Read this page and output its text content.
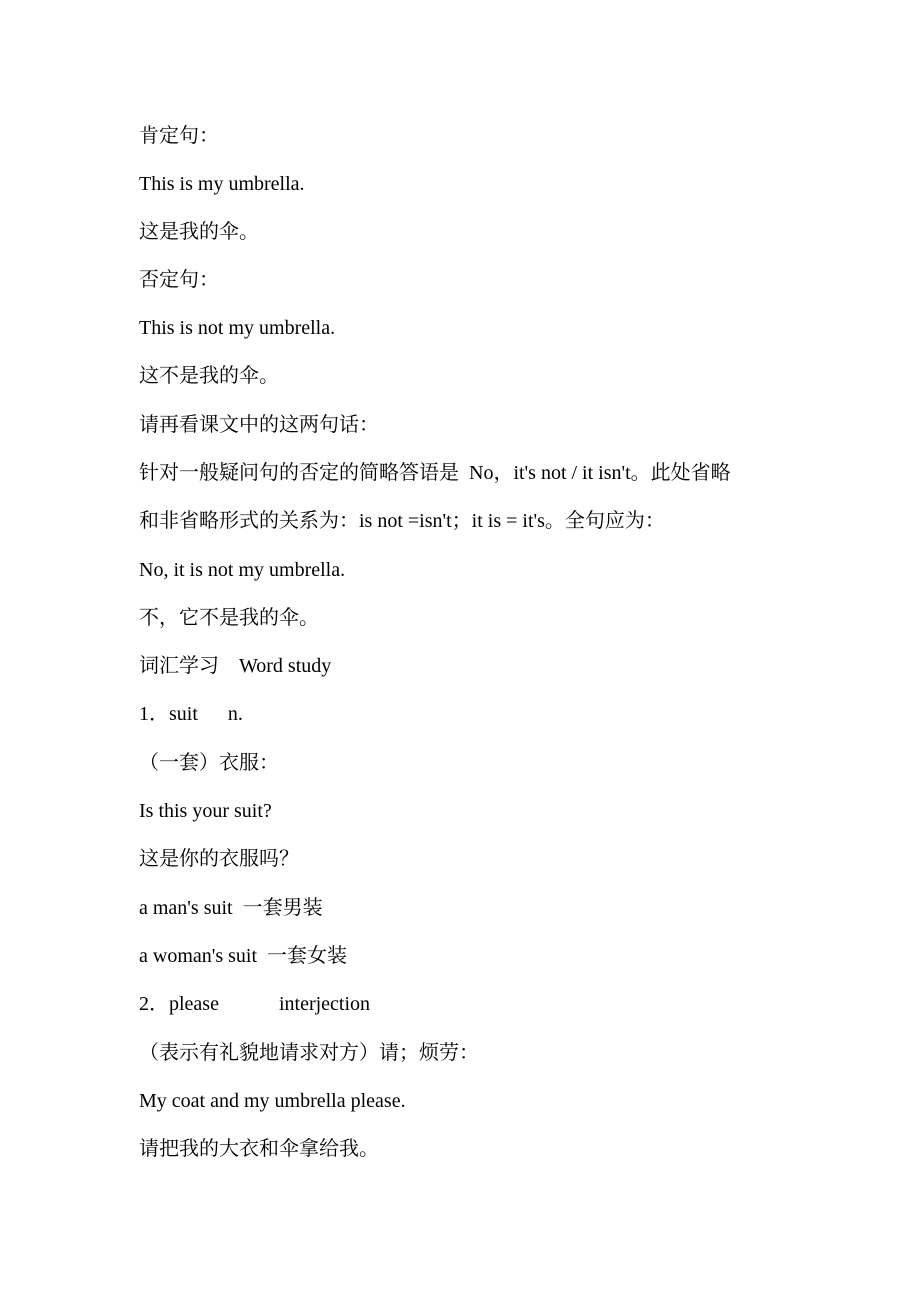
肯定句：
This is my umbrella.
这是我的伞。
否定句：
This is not my umbrella.
这不是我的伞。
请再看课文中的这两句话：
针对一般疑问句的否定的简略答语是  No，it's not / it isn't。此处省略
和非省略形式的关系为：is not =isn't；it is = it's。全句应为：
No, it is not my umbrella.
不，它不是我的伞。
词汇学习    Word study
1．suit      n.
（一套）衣服：
Is this your suit?
这是你的衣服吗？
a man's suit  一套男装
a woman's suit  一套女装
2．please            interjection
（表示有礼貌地请求对方）请；烦劳：
My coat and my umbrella please.
请把我的大衣和伞拿给我。
